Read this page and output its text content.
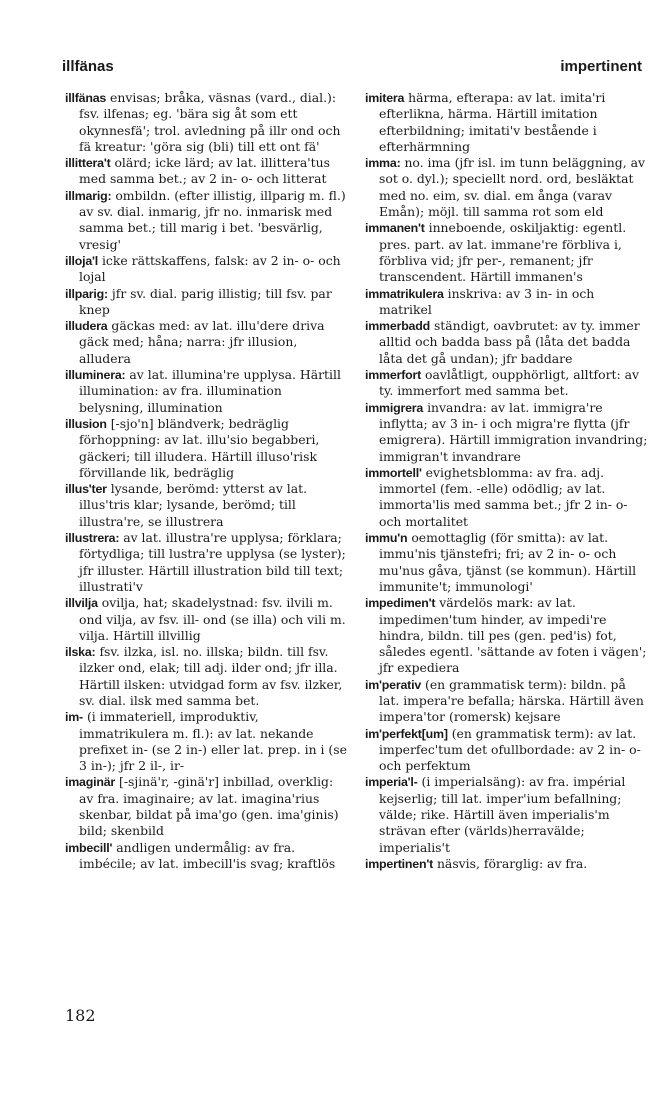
illfänas	impertinent

illfänas envisas; bråka, väsnas (vard., dial.): fsv. ilfenas; eg. 'bära sig åt som ett okynnesfä'; trol. avledning på illr ond och fä kreatur: 'göra sig (bli) till ett ont fä'

illittera't olärd; icke lärd; av lat. illittera'tus med samma bet.; av 2 in- o- och litterat

illmarig: ombildn. (efter illistig, illparig m. fl.) av sv. dial. inmarig, jfr no. inmarisk med samma bet.; till marig i bet. 'besvärlig, vresig'

illoja'l icke rättskaffens, falsk: av 2 in- o- och lojal

illparig: jfr sv. dial. parig illistig; till fsv. par knep

illudera gäckas med: av lat. illu'dere driva gäck med; håna; narra: jfr illusion, alludera

illuminera: av lat. illumina're upplysa. Härtill illumination: av fra. illumination belysning, illumination

illusion [-sjo'n] bländverk; bedräglig förhoppning: av lat. illu'sio begabberi, gäckeri; till illudera. Härtill illuso'risk förvillande lik, bedräglig

illus'ter lysande, berömd: ytterst av lat. illus'tris klar; lysande, berömd; till illustra're, se illustrera

illustrera: av lat. illustra're upplysa; förklara; förtydliga; till lustra're upplysa (se lyster); jfr illuster. Härtill illustration bild till text; illustrati'v

illvilja ovilja, hat; skadelystnad: fsv. ilvili m. ond vilja, av fsv. ill- ond (se illa) och vili m. vilja. Härtill illvillig

ilska: fsv. ilzka, isl. no. illska; bildn. till fsv. ilzker ond, elak; till adj. ilder ond; jfr illa. Härtill ilsken: utvidgad form av fsv. ilzker, sv. dial. ilsk med samma bet.

im- (i immateriell, improduktiv, immatrikulera m. fl.): av lat. nekande prefixet in- (se 2 in-) eller lat. prep. in i (se 3 in-); jfr 2 il-, ir-

imaginär [-sjinä'r, -ginä'r] inbillad, overklig: av fra. imaginaire; av lat. imagina'rius skenbar, bildat på ima'go (gen. ima'ginis) bild; skenbild

imbecill' andligen undermålig: av fra. imbécile; av lat. imbecill'is svag; kraftlös

imitera härma, efterapa: av lat. imita'ri efterlikna, härma. Härtill imitation efterbildning; imitati'v bestående i efterhärmning

imma: no. ima (jfr isl. im tunn beläggning, av sot o. dyl.); speciellt nord. ord, besläktat med no. eim, sv. dial. em ånga (varav Emån); möjl. till samma rot som eld

immanen't inneboende, oskiljaktig: egentl. pres. part. av lat. immane're förbliva i, förbliva vid; jfr per-, remanent; jfr transcendent. Härtill immanen's

immatrikulera inskriva: av 3 in- in och matrikel

immerbadd ständigt, oavbrutet: av ty. immer alltid och badda bass på (låta det badda låta det gå undan); jfr baddare

immerfort oavlåtligt, oupphörligt, alltfort: av ty. immerfort med samma bet.

immigrera invandra: av lat. immigra're inflytta; av 3 in- i och migra're flytta (jfr emigrera). Härtill immigration invandring; immigran't invandrare

immortell' evighetsblomma: av fra. adj. immortel (fem. -elle) odödlig; av lat. immorta'lis med samma bet.; jfr 2 in- o- och mortalitet

immu'n oemottaglig (för smitta): av lat. immu'nis tjänstefri; fri; av 2 in- o- och mu'nus gåva, tjänst (se kommun). Härtill immunite't; immunologi'

impedimen't värdelös mark: av lat. impedimen'tum hinder, av impedi're hindra, bildn. till pes (gen. ped'is) fot, således egentl. 'sättande av foten i vägen'; jfr expediera

im'perativ (en grammatisk term): bildn. på lat. impera're befalla; härska. Härtill även impera'tor (romersk) kejsare

im'perfekt[um] (en grammatisk term): av lat. imperfec'tum det ofullbordade: av 2 in- o- och perfektum

imperia'l- (i imperialsäng): av fra. impérial kejserlig; till lat. imper'ium befallning; välde; rike. Härtill även imperialis'm strävan efter (världs)herravälde; imperialis't

impertinen't näsvis, förarglig: av fra.

182
